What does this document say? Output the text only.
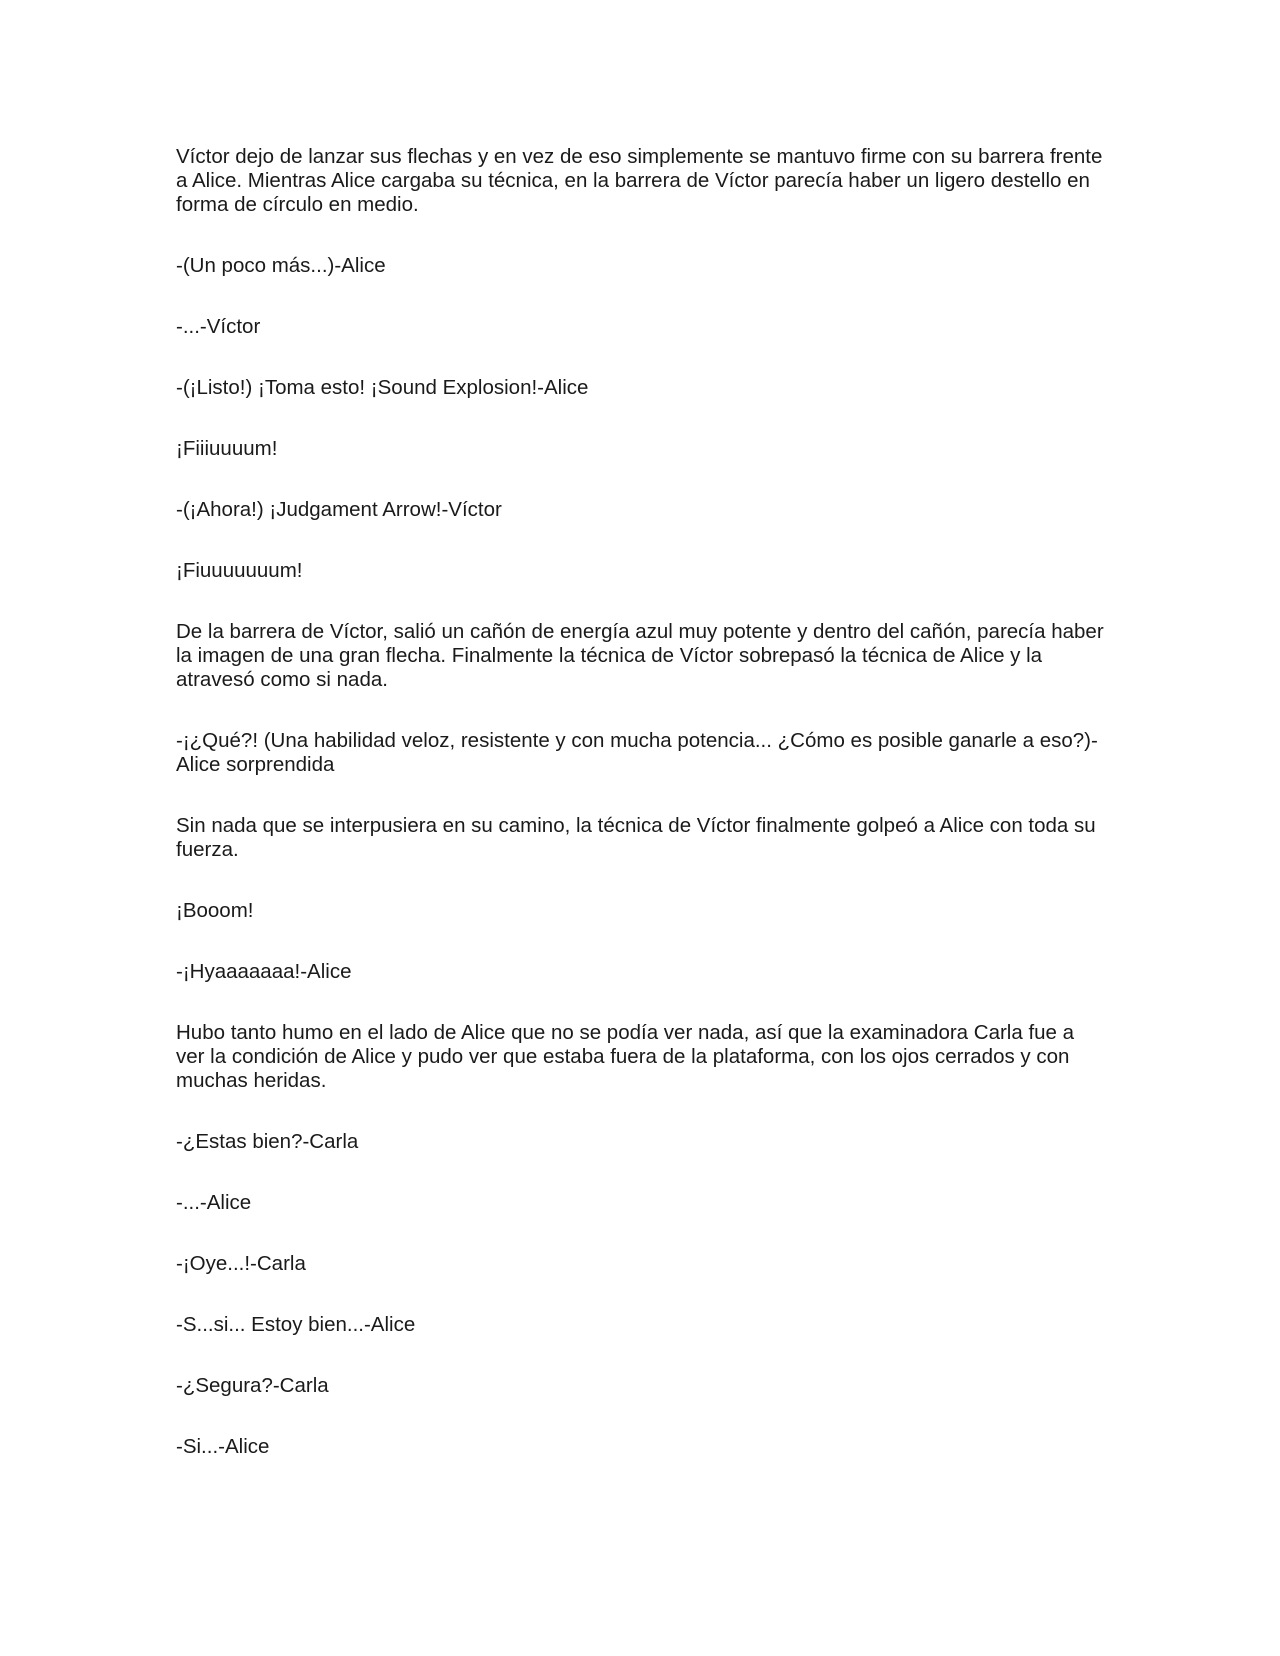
Víctor dejo de lanzar sus flechas y en vez de eso simplemente se mantuvo firme con su barrera frente a Alice. Mientras Alice cargaba su técnica, en la barrera de Víctor parecía haber un ligero destello en forma de círculo en medio.

-(Un poco más...)-Alice

-...-Víctor

-(¡Listo!) ¡Toma esto! ¡Sound Explosion!-Alice

¡Fiiiuuuum!

-(¡Ahora!) ¡Judgament Arrow!-Víctor

¡Fiuuuuuuum!

De la barrera de Víctor, salió un cañón de energía azul muy potente y dentro del cañón, parecía haber la imagen de una gran flecha. Finalmente la técnica de Víctor sobrepasó la técnica de Alice y la atravesó como si nada.

-¡¿Qué?! (Una habilidad veloz, resistente y con mucha potencia... ¿Cómo es posible ganarle a eso?)-Alice sorprendida

Sin nada que se interpusiera en su camino, la técnica de Víctor finalmente golpeó a Alice con toda su fuerza.

¡Booom!

-¡Hyaaaaaaa!-Alice

Hubo tanto humo en el lado de Alice que no se podía ver nada, así que la examinadora Carla fue a ver la condición de Alice y pudo ver que estaba fuera de la plataforma, con los ojos cerrados y con muchas heridas.

-¿Estas bien?-Carla

-...-Alice

-¡Oye...!-Carla

-S...si... Estoy bien...-Alice

-¿Segura?-Carla

-Si...-Alice
